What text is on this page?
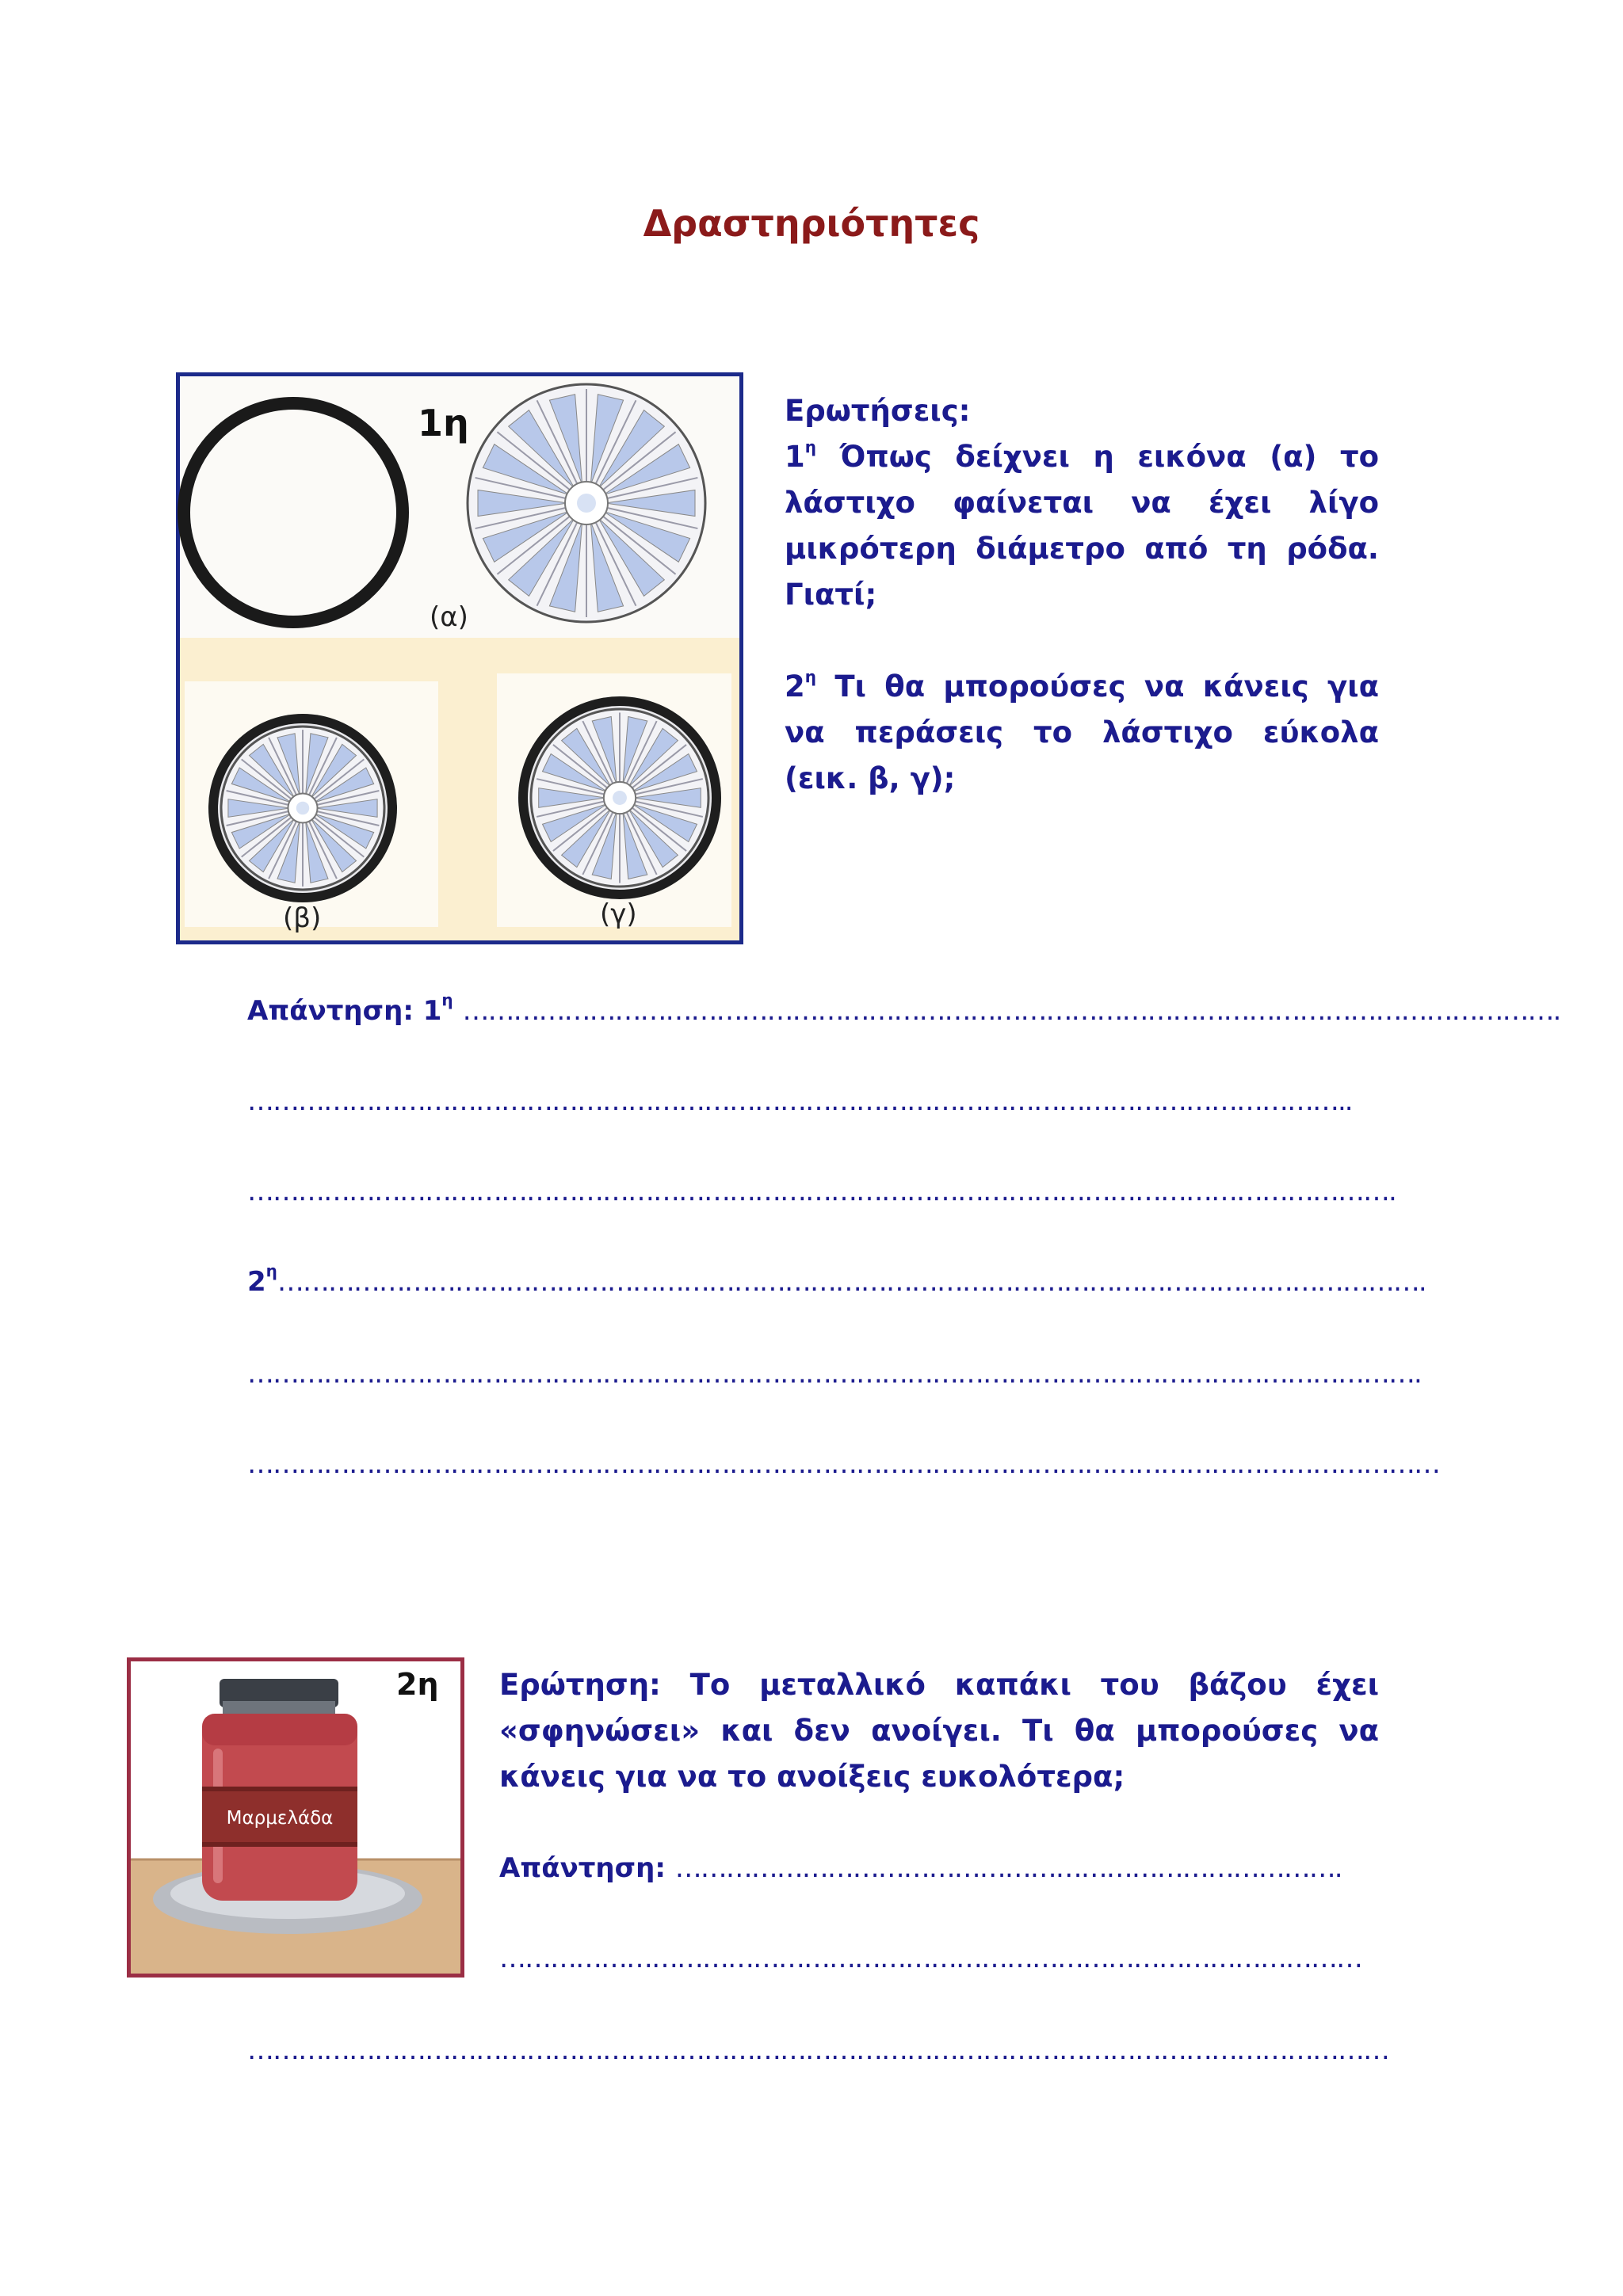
Δραστηριότητες
1η
(α)
(β)	(γ)
Ερωτήσεις:
$1^\eta$ Όπως δείχνει η εικόνα (α) το λάστιχο φαίνεται να έχει λίγο μικρότερη διάμετρο από τη ρόδα. Γιατί;
$2^\eta$ Τι θα μπορούσες να κάνεις για να περάσεις το λάστιχο εύκολα (εικ. β, γ);
Απάντηση: $1^\eta$ ………………………………………………………………………………………………………………….
…………………………………………………………………………………………………………………..
……………………………………………………………………………………………………………………….
$2^\eta\dots\dots\dots\dots\dots\dots\dots\dots\dots\dots\dots\dots\dots\dots\dots\dots\dots\dots\dots\dots\dots\dots\dots\dots\dots\dots\dots\dots\dots\dots\dots\dots\dots\dots\dots\dots\dots\dots\dots\dots\dots\dots\dots\dots\dots$.
………………………………………………………………………………………………………………………….
……………………………………………………………………………………………………………………………
Μαρμελάδα
2η Ερώτηση: Το μεταλλικό καπάκι του βάζου έχει «σφηνώσει» και δεν ανοίγει. Τι θα μπορούσες να κάνεις για να το ανοίξεις ευκολότερα;
Απάντηση: …………………………………………………………………….
…………………………………………………………………………………………
………………………………………………………………………………………………………………………
